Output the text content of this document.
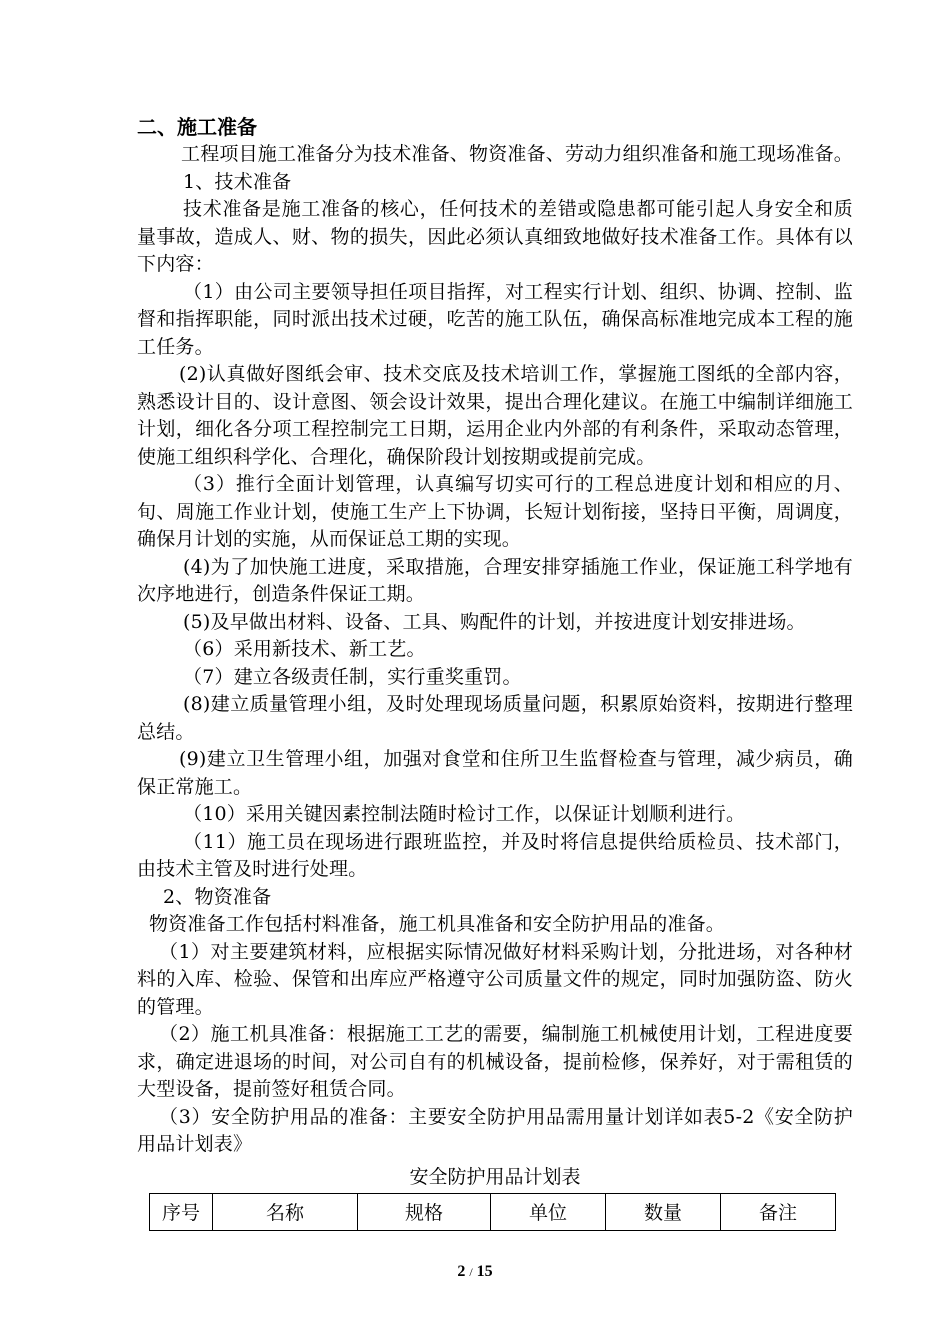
二、施工准备

工程项目施工准备分为技术准备、物资准备、劳动力组织准备和施工现场准备。

1、技术准备

技术准备是施工准备的核心，任何技术的差错或隐患都可能引起人身安全和质量事故，造成人、财、物的损失，因此必须认真细致地做好技术准备工作。具体有以下内容：

（1）由公司主要领导担任项目指挥，对工程实行计划、组织、协调、控制、监督和指挥职能，同时派出技术过硬，吃苦的施工队伍，确保高标准地完成本工程的施工任务。

(2)认真做好图纸会审、技术交底及技术培训工作，掌握施工图纸的全部内容，熟悉设计目的、设计意图、领会设计效果，提出合理化建议。在施工中编制详细施工计划，细化各分项工程控制完工日期，运用企业内外部的有利条件，采取动态管理，使施工组织科学化、合理化，确保阶段计划按期或提前完成。

（3）推行全面计划管理，认真编写切实可行的工程总进度计划和相应的月、旬、周施工作业计划，使施工生产上下协调，长短计划衔接，坚持日平衡，周调度，确保月计划的实施，从而保证总工期的实现。

(4)为了加快施工进度，采取措施，合理安排穿插施工作业，保证施工科学地有次序地进行，创造条件保证工期。

(5)及早做出材料、设备、工具、购配件的计划，并按进度计划安排进场。

（6）采用新技术、新工艺。

（7）建立各级责任制，实行重奖重罚。

(8)建立质量管理小组，及时处理现场质量问题，积累原始资料，按期进行整理总结。

(9)建立卫生管理小组，加强对食堂和住所卫生监督检查与管理，减少病员，确保正常施工。

（10）采用关键因素控制法随时检讨工作，以保证计划顺利进行。

（11）施工员在现场进行跟班监控，并及时将信息提供给质检员、技术部门，由技术主管及时进行处理。

2、物资准备

物资准备工作包括村料准备，施工机具准备和安全防护用品的准备。

（1）对主要建筑材料，应根据实际情况做好材料采购计划，分批进场，对各种材料的入库、检验、保管和出库应严格遵守公司质量文件的规定，同时加强防盗、防火的管理。

（2）施工机具准备：根据施工工艺的需要，编制施工机械使用计划，工程进度要求，确定进退场的时间，对公司自有的机械设备，提前检修，保养好，对于需租赁的大型设备，提前签好租赁合同。

（3）安全防护用品的准备：主要安全防护用品需用量计划详如表5-2《安全防护用品计划表》

安全防护用品计划表

序号	名称	规格	单位	数量	备注
2 / 15
